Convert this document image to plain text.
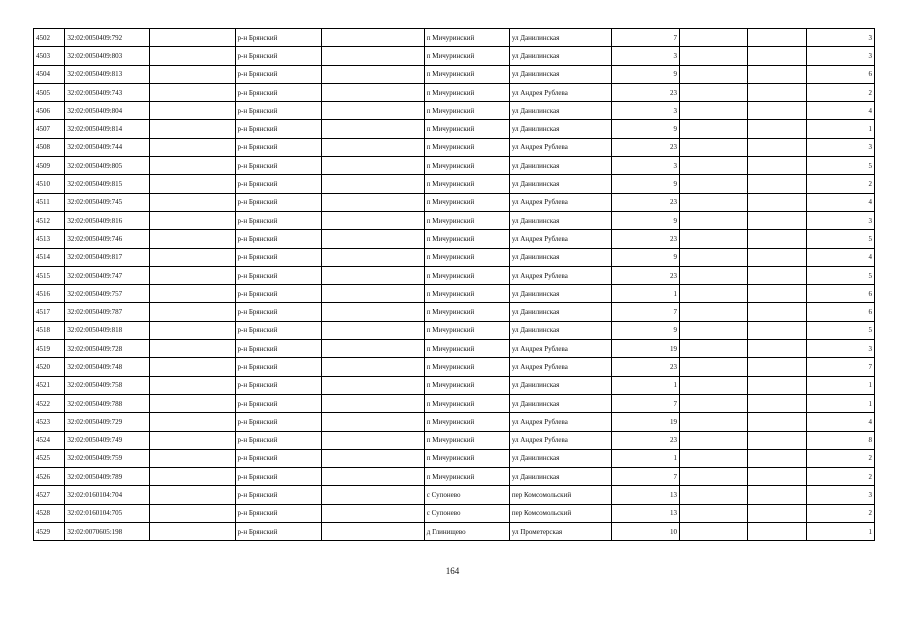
4502	32:02:0050409:792		р-н Брянский		п Мичуринский	ул Данилинская	7			3
4503	32:02:0050409:803		р-н Брянский		п Мичуринский	ул Данилинская	3			3
4504	32:02:0050409:813		р-н Брянский		п Мичуринский	ул Данилинская	9			6
4505	32:02:0050409:743		р-н Брянский		п Мичуринский	ул Андрея Рублева	23			2
4506	32:02:0050409:804		р-н Брянский		п Мичуринский	ул Данилинская	3			4
4507	32:02:0050409:814		р-н Брянский		п Мичуринский	ул Данилинская	9			1
4508	32:02:0050409:744		р-н Брянский		п Мичуринский	ул Андрея Рублева	23			3
4509	32:02:0050409:805		р-н Брянский		п Мичуринский	ул Данилинская	3			5
4510	32:02:0050409:815		р-н Брянский		п Мичуринский	ул Данилинская	9			2
4511	32:02:0050409:745		р-н Брянский		п Мичуринский	ул Андрея Рублева	23			4
4512	32:02:0050409:816		р-н Брянский		п Мичуринский	ул Данилинская	9			3
4513	32:02:0050409:746		р-н Брянский		п Мичуринский	ул Андрея Рублева	23			5
4514	32:02:0050409:817		р-н Брянский		п Мичуринский	ул Данилинская	9			4
4515	32:02:0050409:747		р-н Брянский		п Мичуринский	ул Андрея Рублева	23			5
4516	32:02:0050409:757		р-н Брянский		п Мичуринский	ул Данилинская	1			6
4517	32:02:0050409:787		р-н Брянский		п Мичуринский	ул Данилинская	7			6
4518	32:02:0050409:818		р-н Брянский		п Мичуринский	ул Данилинская	9			5
4519	32:02:0050409:728		р-н Брянский		п Мичуринский	ул Андрея Рублева	19			3
4520	32:02:0050409:748		р-н Брянский		п Мичуринский	ул Андрея Рублева	23			7
4521	32:02:0050409:758		р-н Брянский		п Мичуринский	ул Данилинская	1			1
4522	32:02:0050409:788		р-н Брянский		п Мичуринский	ул Данилинская	7			1
4523	32:02:0050409:729		р-н Брянский		п Мичуринский	ул Андрея Рублева	19			4
4524	32:02:0050409:749		р-н Брянский		п Мичуринский	ул Андрея Рублева	23			8
4525	32:02:0050409:759		р-н Брянский		п Мичуринский	ул Данилинская	1			2
4526	32:02:0050409:789		р-н Брянский		п Мичуринский	ул Данилинская	7			2
4527	32:02:0160104:704		р-н Брянский		с Супонево	пер Комсомольский	13			3
4528	32:02:0160104:705		р-н Брянский		с Супонево	пер Комсомольский	13			2
4529	32:02:0070605:198		р-н Брянский		д Глинищево	ул Прометерская	10			1
164
